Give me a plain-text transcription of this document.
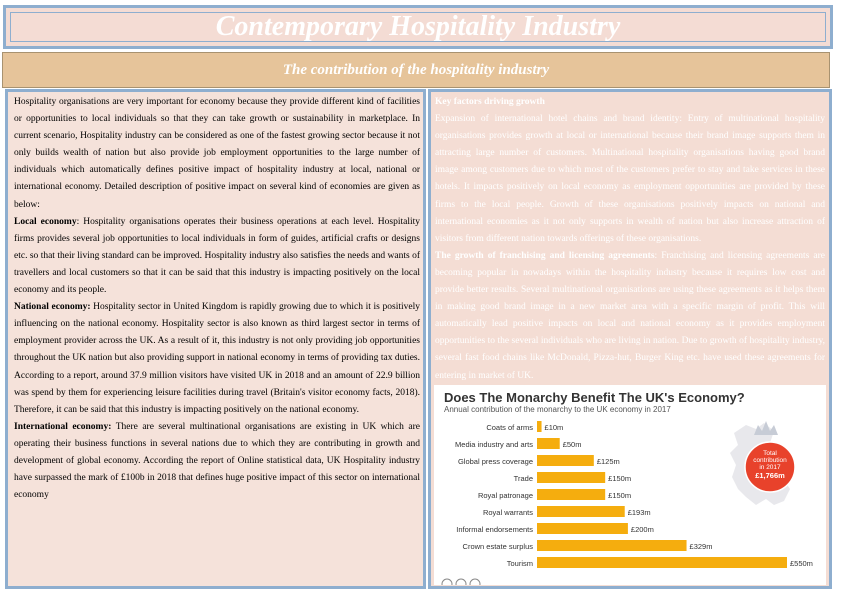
Contemporary Hospitality Industry
The contribution of the hospitality industry

Hospitality organisations are very important for economy because they provide different kind of facilities or opportunities to local individuals so that they can take growth or sustainability in marketplace. In current scenario, Hospitality industry can be considered as one of the fastest growing sector because it not only builds wealth of nation but also provide job employment opportunities to the large number of individuals which automatically defines positive impact of hospitality industry at local, national or international economy. Detailed description of positive impact on several kind of economies are given as below:

Local economy: Hospitality organisations operates their business operations at each level. Hospitality firms provides several job opportunities to local individuals in form of guides, artificial crafts or designs etc. so that their living standard can be improved. Hospitality industry also satisfies the needs and wants of travellers and local customers so that it can be said that this industry is impacting positively on the local economy and its people.

National economy: Hospitality sector in United Kingdom is rapidly growing due to which it is positively influencing on the national economy. Hospitality sector is also known as third largest sector in terms of employment provider across the UK. As a result of it, this industry is not only providing job opportunities throughout the UK nation but also providing support in national economy in terms of providing tax duties. According to a report, around 37.9 million visitors have visited UK in 2018 and an amount of 22.9 billion was spend by them for experiencing leisure facilities during travel (Britain's visitor economy facts, 2018). Therefore, it can be said that this industry is impacting positively on the national economy.

International economy: There are several multinational organisations are existing in UK which are operating their business functions in several nations due to which they are contributing in growth and development of global economy. According the report of Online statistical data, UK Hospitality industry have surpassed the mark of £100b in 2018 that defines huge positive impact of this sector on international economy

Key factors driving growth

Expansion of international hotel chains and brand identity: Entry of multinational hospitality organisations provides growth at local or international because their brand image supports them in attracting large number of customers. Multinational hospitality organisations having good brand image among customers due to which most of the customers prefer to stay and take services in these hotels. It impacts positively on local economy as employment opportunities are provided by these firms to the local people. Growth of these organisations positively impacts on national and international economies as it not only supports in wealth of nation but also increase attraction of visitors from different nation towards offerings of these organisations.

The growth of franchising and licensing agreements: Franchising and licensing agreements are becoming popular in nowadays within the hospitality industry because it requires low cost and provide better results. Several multinational organisations are using these agreements as it helps them in making good brand image in a new market area with a specific margin of profit. This will automatically lead positive impacts on local and national economy as it provides employment opportunities to the several individuals who are living in nation. Due to growth of hospitality industry, several fast food chains like McDonald, Pizza-hut, Burger King etc. have used these agreements for entering in market of UK.

Does The Monarchy Benefit The UK's Economy?
Annual contribution of the monarchy to the UK economy in 2017
Coats of arms £10m
Media industry and arts	£50m
Global press coverage	£125m
Trade	£150m
Royal patronage	£150m
Royal warrants	£193m
Informal endorsements	£200m
Crown estate surplus	£329m
Tourism	£550m
Total
contribution
in 2017
£1,766m
